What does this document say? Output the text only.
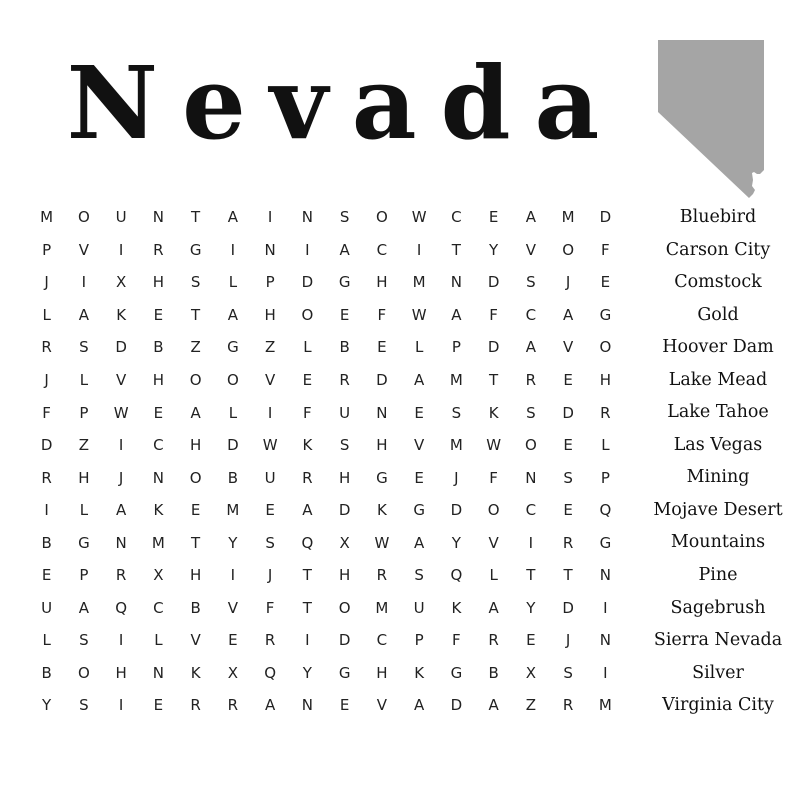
Nevada
M	O	U	N	T	A	I	N	S	O	W	C	E	A	M	D
P	V	I	R	G	I	N	I	A	C	I	T	Y	V	O	F
J	I	X	H	S	L	P	D	G	H	M	N	D	S	J	E
L	A	K	E	T	A	H	O	E	F	W	A	F	C	A	G
R	S	D	B	Z	G	Z	L	B	E	L	P	D	A	V	O
J	L	V	H	O	O	V	E	R	D	A	M	T	R	E	H
F	P	W	E	A	L	I	F	U	N	E	S	K	S	D	R
D	Z	I	C	H	D	W	K	S	H	V	M	W	O	E	L
R	H	J	N	O	B	U	R	H	G	E	J	F	N	S	P
I	L	A	K	E	M	E	A	D	K	G	D	O	C	E	Q
B	G	N	M	T	Y	S	Q	X	W	A	Y	V	I	R	G
E	P	R	X	H	I	J	T	H	R	S	Q	L	T	T	N
U	A	Q	C	B	V	F	T	O	M	U	K	A	Y	D	I
L	S	I	L	V	E	R	I	D	C	P	F	R	E	J	N
B	O	H	N	K	X	Q	Y	G	H	K	G	B	X	S	I
Y	S	I	E	R	R	A	N	E	V	A	D	A	Z	R	M
Bluebird
Carson City
Comstock
Gold
Hoover Dam
Lake Mead
Lake Tahoe
Las Vegas
Mining
Mojave Desert
Mountains
Pine
Sagebrush
Sierra Nevada
Silver
Virginia City
